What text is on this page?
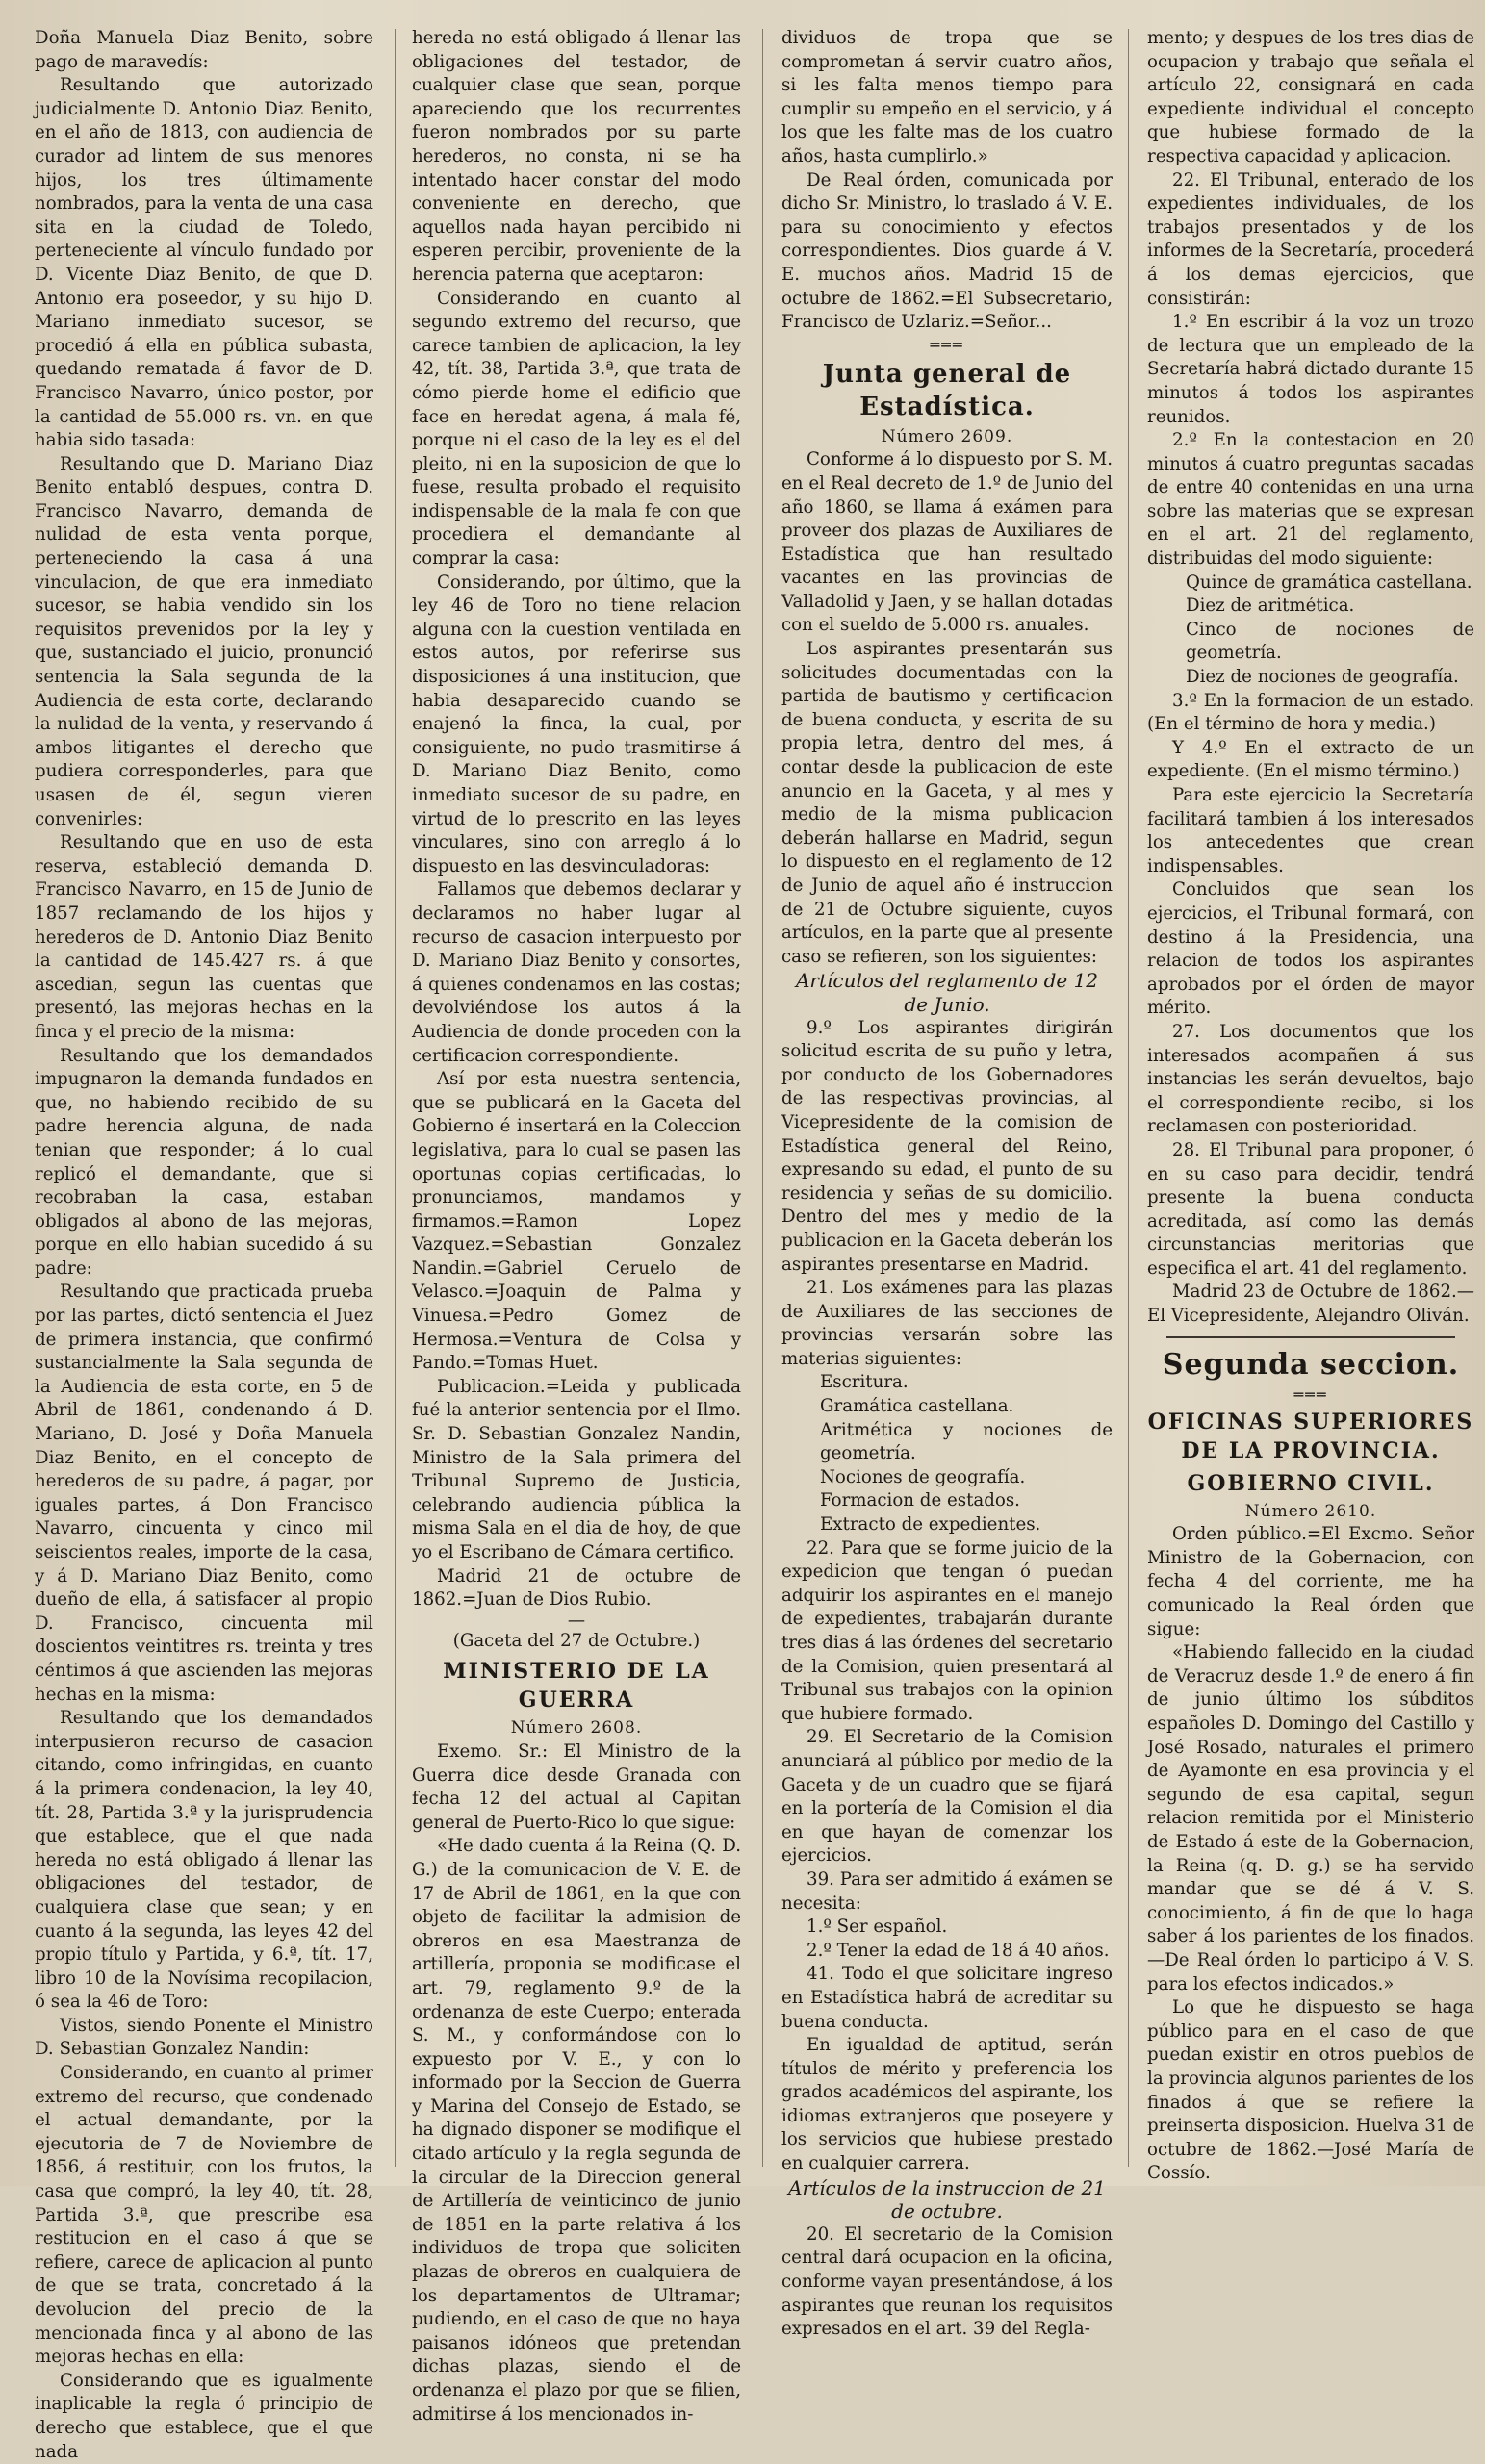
Doña Manuela Diaz Benito, sobre pago de maravedís:

Resultando que autorizado judicialmente D. Antonio Diaz Benito, en el año de 1813, con audiencia de curador ad lintem de sus menores hijos, los tres últimamente nombrados, para la venta de una casa sita en la ciudad de Toledo, perteneciente al vínculo fundado por D. Vicente Diaz Benito, de que D. Antonio era poseedor, y su hijo D. Mariano inmediato sucesor, se procedió á ella en pública subasta, quedando rematada á favor de D. Francisco Navarro, único postor, por la cantidad de 55.000 rs. vn. en que habia sido tasada:

Resultando que D. Mariano Diaz Benito entabló despues, contra D. Francisco Navarro, demanda de nulidad de esta venta porque, perteneciendo la casa á una vinculacion, de que era inmediato sucesor, se habia vendido sin los requisitos prevenidos por la ley y que, sustanciado el juicio, pronunció sentencia la Sala segunda de la Audiencia de esta corte, declarando la nulidad de la venta, y reservando á ambos litigantes el derecho que pudiera corresponderles, para que usasen de él, segun vieren convenirles:

Resultando que en uso de esta reserva, estableció demanda D. Francisco Navarro, en 15 de Junio de 1857 reclamando de los hijos y herederos de D. Antonio Diaz Benito la cantidad de 145.427 rs. á que ascedian, segun las cuentas que presentó, las mejoras hechas en la finca y el precio de la misma:

Resultando que los demandados impugnaron la demanda fundados en que, no habiendo recibido de su padre herencia alguna, de nada tenian que responder; á lo cual replicó el demandante, que si recobraban la casa, estaban obligados al abono de las mejoras, porque en ello habian sucedido á su padre:

Resultando que practicada prueba por las partes, dictó sentencia el Juez de primera instancia, que confirmó sustancialmente la Sala segunda de la Audiencia de esta corte, en 5 de Abril de 1861, condenando á D. Mariano, D. José y Doña Manuela Diaz Benito, en el concepto de herederos de su padre, á pagar, por iguales partes, á Don Francisco Navarro, cincuenta y cinco mil seiscientos reales, importe de la casa, y á D. Mariano Diaz Benito, como dueño de ella, á satisfacer al propio D. Francisco, cincuenta mil doscientos veintitres rs. treinta y tres céntimos á que ascienden las mejoras hechas en la misma:

Resultando que los demandados interpusieron recurso de casacion citando, como infringidas, en cuanto á la primera condenacion, la ley 40, tít. 28, Partida 3.ª y la jurisprudencia que establece, que el que nada hereda no está obligado á llenar las obligaciones del testador, de cualquiera clase que sean; y en cuanto á la segunda, las leyes 42 del propio título y Partida, y 6.ª, tít. 17, libro 10 de la Novísima recopilacion, ó sea la 46 de Toro:

Vistos, siendo Ponente el Ministro D. Sebastian Gonzalez Nandin:

Considerando, en cuanto al primer extremo del recurso, que condenado el actual demandante, por la ejecutoria de 7 de Noviembre de 1856, á restituir, con los frutos, la casa que compró, la ley 40, tít. 28, Partida 3.ª, que prescribe esa restitucion en el caso á que se refiere, carece de aplicacion al punto de que se trata, concretado á la devolucion del precio de la mencionada finca y al abono de las mejoras hechas en ella:

Considerando que es igualmente inaplicable la regla ó principio de derecho que establece, que el que nada

hereda no está obligado á llenar las obligaciones del testador, de cualquier clase que sean, porque apareciendo que los recurrentes fueron nombrados por su parte herederos, no consta, ni se ha intentado hacer constar del modo conveniente en derecho, que aquellos nada hayan percibido ni esperen percibir, proveniente de la herencia paterna que aceptaron:

Considerando en cuanto al segundo extremo del recurso, que carece tambien de aplicacion, la ley 42, tít. 38, Partida 3.ª, que trata de cómo pierde home el edificio que face en heredat agena, á mala fé, porque ni el caso de la ley es el del pleito, ni en la suposicion de que lo fuese, resulta probado el requisito indispensable de la mala fe con que procediera el demandante al comprar la casa:

Considerando, por último, que la ley 46 de Toro no tiene relacion alguna con la cuestion ventilada en estos autos, por referirse sus disposiciones á una institucion, que habia desaparecido cuando se enajenó la finca, la cual, por consiguiente, no pudo trasmitirse á D. Mariano Diaz Benito, como inmediato sucesor de su padre, en virtud de lo prescrito en las leyes vinculares, sino con arreglo á lo dispuesto en las desvinculadoras:

Fallamos que debemos declarar y declaramos no haber lugar al recurso de casacion interpuesto por D. Mariano Diaz Benito y consortes, á quienes condenamos en las costas; devolviéndose los autos á la Audiencia de donde proceden con la certificacion correspondiente.

Así por esta nuestra sentencia, que se publicará en la Gaceta del Gobierno é insertará en la Coleccion legislativa, para lo cual se pasen las oportunas copias certificadas, lo pronunciamos, mandamos y firmamos.=Ramon Lopez Vazquez.=Sebastian Gonzalez Nandin.=Gabriel Ceruelo de Velasco.=Joaquin de Palma y Vinuesa.=Pedro Gomez de Hermosa.=Ventura de Colsa y Pando.=Tomas Huet.

Publicacion.=Leida y publicada fué la anterior sentencia por el Ilmo. Sr. D. Sebastian Gonzalez Nandin, Ministro de la Sala primera del Tribunal Supremo de Justicia, celebrando audiencia pública la misma Sala en el dia de hoy, de que yo el Escribano de Cámara certifico.

Madrid 21 de octubre de 1862.=Juan de Dios Rubio.

—
(Gaceta del 27 de Octubre.)
MINISTERIO DE LA GUERRA
Número 2608.

Exemo. Sr.: El Ministro de la Guerra dice desde Granada con fecha 12 del actual al Capitan general de Puerto-Rico lo que sigue:

«He dado cuenta á la Reina (Q. D. G.) de la comunicacion de V. E. de 17 de Abril de 1861, en la que con objeto de facilitar la admision de obreros en esa Maestranza de artillería, proponia se modificase el art. 79, reglamento 9.º de la ordenanza de este Cuerpo; enterada S. M., y conformándose con lo expuesto por V. E., y con lo informado por la Seccion de Guerra y Marina del Consejo de Estado, se ha dignado disponer se modifique el citado artículo y la regla segunda de la circular de la Direccion general de Artillería de veinticinco de junio de 1851 en la parte relativa á los individuos de tropa que soliciten plazas de obreros en cualquiera de los departamentos de Ultramar; pudiendo, en el caso de que no haya paisanos idóneos que pretendan dichas plazas, siendo el de ordenanza el plazo por que se filien, admitirse á los mencionados in-

dividuos de tropa que se comprometan á servir cuatro años, si les falta menos tiempo para cumplir su empeño en el servicio, y á los que les falte mas de los cuatro años, hasta cumplirlo.»

De Real órden, comunicada por dicho Sr. Ministro, lo traslado á V. E. para su conocimiento y efectos correspondientes. Dios guarde á V. E. muchos años. Madrid 15 de octubre de 1862.=El Subsecretario, Francisco de Uzlariz.=Señor...

═══
Junta general de Estadística.
Número 2609.

Conforme á lo dispuesto por S. M. en el Real decreto de 1.º de Junio del año 1860, se llama á exámen para proveer dos plazas de Auxiliares de Estadística que han resultado vacantes en las provincias de Valladolid y Jaen, y se hallan dotadas con el sueldo de 5.000 rs. anuales.

Los aspirantes presentarán sus solicitudes documentadas con la partida de bautismo y certificacion de buena conducta, y escrita de su propia letra, dentro del mes, á contar desde la publicacion de este anuncio en la Gaceta, y al mes y medio de la misma publicacion deberán hallarse en Madrid, segun lo dispuesto en el reglamento de 12 de Junio de aquel año é instruccion de 21 de Octubre siguiente, cuyos artículos, en la parte que al presente caso se refieren, son los siguientes:

Artículos del reglamento de 12 de Junio.

9.º Los aspirantes dirigirán solicitud escrita de su puño y letra, por conducto de los Gobernadores de las respectivas provincias, al Vicepresidente de la comision de Estadística general del Reino, expresando su edad, el punto de su residencia y señas de su domicilio. Dentro del mes y medio de la publicacion en la Gaceta deberán los aspirantes presentarse en Madrid.

21. Los exámenes para las plazas de Auxiliares de las secciones de provincias versarán sobre las materias siguientes:

Escritura.
Gramática castellana.
Aritmética y nociones de geometría.
Nociones de geografía.
Formacion de estados.
Extracto de expedientes.

22. Para que se forme juicio de la expedicion que tengan ó puedan adquirir los aspirantes en el manejo de expedientes, trabajarán durante tres dias á las órdenes del secretario de la Comision, quien presentará al Tribunal sus trabajos con la opinion que hubiere formado.

29. El Secretario de la Comision anunciará al público por medio de la Gaceta y de un cuadro que se fijará en la portería de la Comision el dia en que hayan de comenzar los ejercicios.

39. Para ser admitido á exámen se necesita:

1.º Ser español.

2.º Tener la edad de 18 á 40 años.

41. Todo el que solicitare ingreso en Estadística habrá de acreditar su buena conducta.

En igualdad de aptitud, serán títulos de mérito y preferencia los grados académicos del aspirante, los idiomas extranjeros que poseyere y los servicios que hubiese prestado en cualquier carrera.

Artículos de la instruccion de 21 de octubre.

20. El secretario de la Comision central dará ocupacion en la oficina, conforme vayan presentándose, á los aspirantes que reunan los requisitos expresados en el art. 39 del Regla-

mento; y despues de los tres dias de ocupacion y trabajo que señala el artículo 22, consignará en cada expediente individual el concepto que hubiese formado de la respectiva capacidad y aplicacion.

22. El Tribunal, enterado de los expedientes individuales, de los trabajos presentados y de los informes de la Secretaría, procederá á los demas ejercicios, que consistirán:

1.º En escribir á la voz un trozo de lectura que un empleado de la Secretaría habrá dictado durante 15 minutos á todos los aspirantes reunidos.

2.º En la contestacion en 20 minutos á cuatro preguntas sacadas de entre 40 contenidas en una urna sobre las materias que se expresan en el art. 21 del reglamento, distribuidas del modo siguiente:

Quince de gramática castellana.
Diez de aritmética.
Cinco de nociones de geometría.
Diez de nociones de geografía.

3.º En la formacion de un estado. (En el término de hora y media.)

Y 4.º En el extracto de un expediente. (En el mismo término.)

Para este ejercicio la Secretaría facilitará tambien á los interesados los antecedentes que crean indispensables.

Concluidos que sean los ejercicios, el Tribunal formará, con destino á la Presidencia, una relacion de todos los aspirantes aprobados por el órden de mayor mérito.

27. Los documentos que los interesados acompañen á sus instancias les serán devueltos, bajo el correspondiente recibo, si los reclamasen con posterioridad.

28. El Tribunal para proponer, ó en su caso para decidir, tendrá presente la buena conducta acreditada, así como las demás circunstancias meritorias que especifica el art. 41 del reglamento.

Madrid 23 de Octubre de 1862.—El Vicepresidente, Alejandro Oliván.

Segunda seccion.
═══
OFICINAS SUPERIORES DE LA PROVINCIA.
GOBIERNO CIVIL.
Número 2610.

Orden público.=El Excmo. Señor Ministro de la Gobernacion, con fecha 4 del corriente, me ha comunicado la Real órden que sigue:

«Habiendo fallecido en la ciudad de Veracruz desde 1.º de enero á fin de junio último los súbditos españoles D. Domingo del Castillo y José Rosado, naturales el primero de Ayamonte en esa provincia y el segundo de esa capital, segun relacion remitida por el Ministerio de Estado á este de la Gobernacion, la Reina (q. D. g.) se ha servido mandar que se dé á V. S. conocimiento, á fin de que lo haga saber á los parientes de los finados.—De Real órden lo participo á V. S. para los efectos indicados.»

Lo que he dispuesto se haga público para en el caso de que puedan existir en otros pueblos de la provincia algunos parientes de los finados á que se refiere la preinserta disposicion. Huelva 31 de octubre de 1862.—José María de Cossío.
